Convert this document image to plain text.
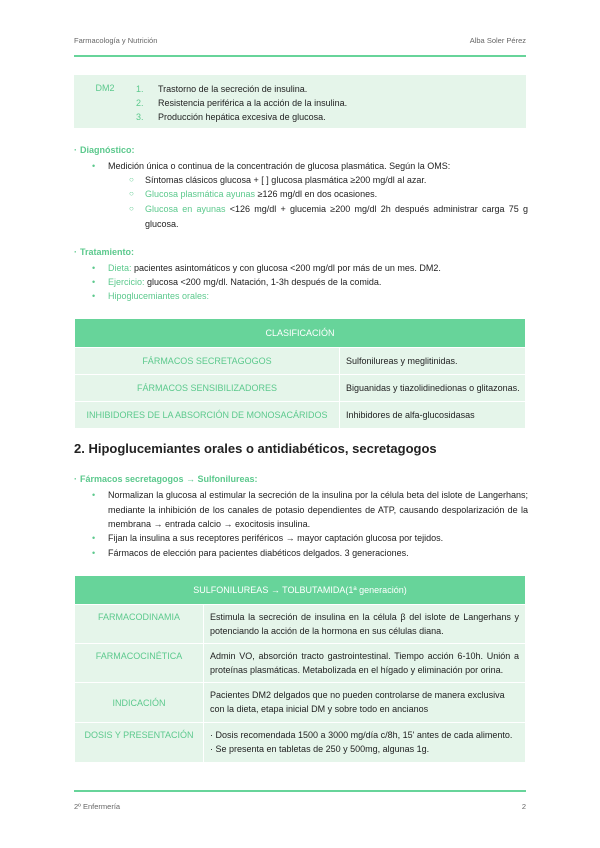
Farmacología y Nutrición	Alba Soler Pérez
DM2	1.	Trastorno de la secreción de insulina.
2.	Resistencia periférica a la acción de la insulina.
3.	Producción hepática excesiva de glucosa.
· Diagnóstico:
• Medición única o continua de la concentración de glucosa plasmática. Según la OMS:
○ Síntomas clásicos glucosa + [ ] glucosa plasmática ≥200 mg/dl al azar.
○ Glucosa plasmática ayunas ≥126 mg/dl en dos ocasiones.
○ Glucosa en ayunas <126 mg/dl + glucemia ≥200 mg/dl 2h después administrar carga 75 g glucosa.
· Tratamiento:
• Dieta: pacientes asintomáticos y con glucosa <200 mg/dl por más de un mes. DM2.
• Ejercicio: glucosa <200 mg/dl. Natación, 1-3h después de la comida.
• Hipoglucemiantes orales:
CLASIFICACIÓN	
FÁRMACOS SECRETAGOGOS	Sulfonilureas y meglitinidas.
FÁRMACOS SENSIBILIZADORES	Biguanidas y tiazolidinedionas o glitazonas.
INHIBIDORES DE LA ABSORCIÓN DE MONOSACÁRIDOS	Inhibidores de alfa-glucosidasas
2. Hipoglucemiantes orales o antidiabéticos, secretagogos
· Fármacos secretagogos → Sulfonilureas:
• Normalizan la glucosa al estimular la secreción de la insulina por la célula beta del islote de Langerhans; mediante la inhibición de los canales de potasio dependientes de ATP, causando despolarización de la membrana → entrada calcio → exocitosis insulina.
• Fijan la insulina a sus receptores periféricos → mayor captación glucosa por tejidos.
• Fármacos de elección para pacientes diabéticos delgados. 3 generaciones.
SULFONILUREAS → TOLBUTAMIDA(1ª generación)	
FARMACODINAMIA	Estimula la secreción de insulina en la célula β del islote de Langerhans y potenciando la acción de la hormona en sus células diana.
FARMACOCINÉTICA	Admin VO, absorción tracto gastrointestinal. Tiempo acción 6-10h. Unión a proteínas plasmáticas. Metabolizada en el hígado y eliminación por orina.
INDICACIÓN	Pacientes DM2 delgados que no pueden controlarse de manera exclusiva con la dieta, etapa inicial DM y sobre todo en ancianos
DOSIS Y PRESENTACIÓN	· Dosis recomendada 1500 a 3000 mg/día c/8h, 15' antes de cada alimento.
· Se presenta en tabletas de 250 y 500mg, algunas 1g.
2º Enfermería	2
